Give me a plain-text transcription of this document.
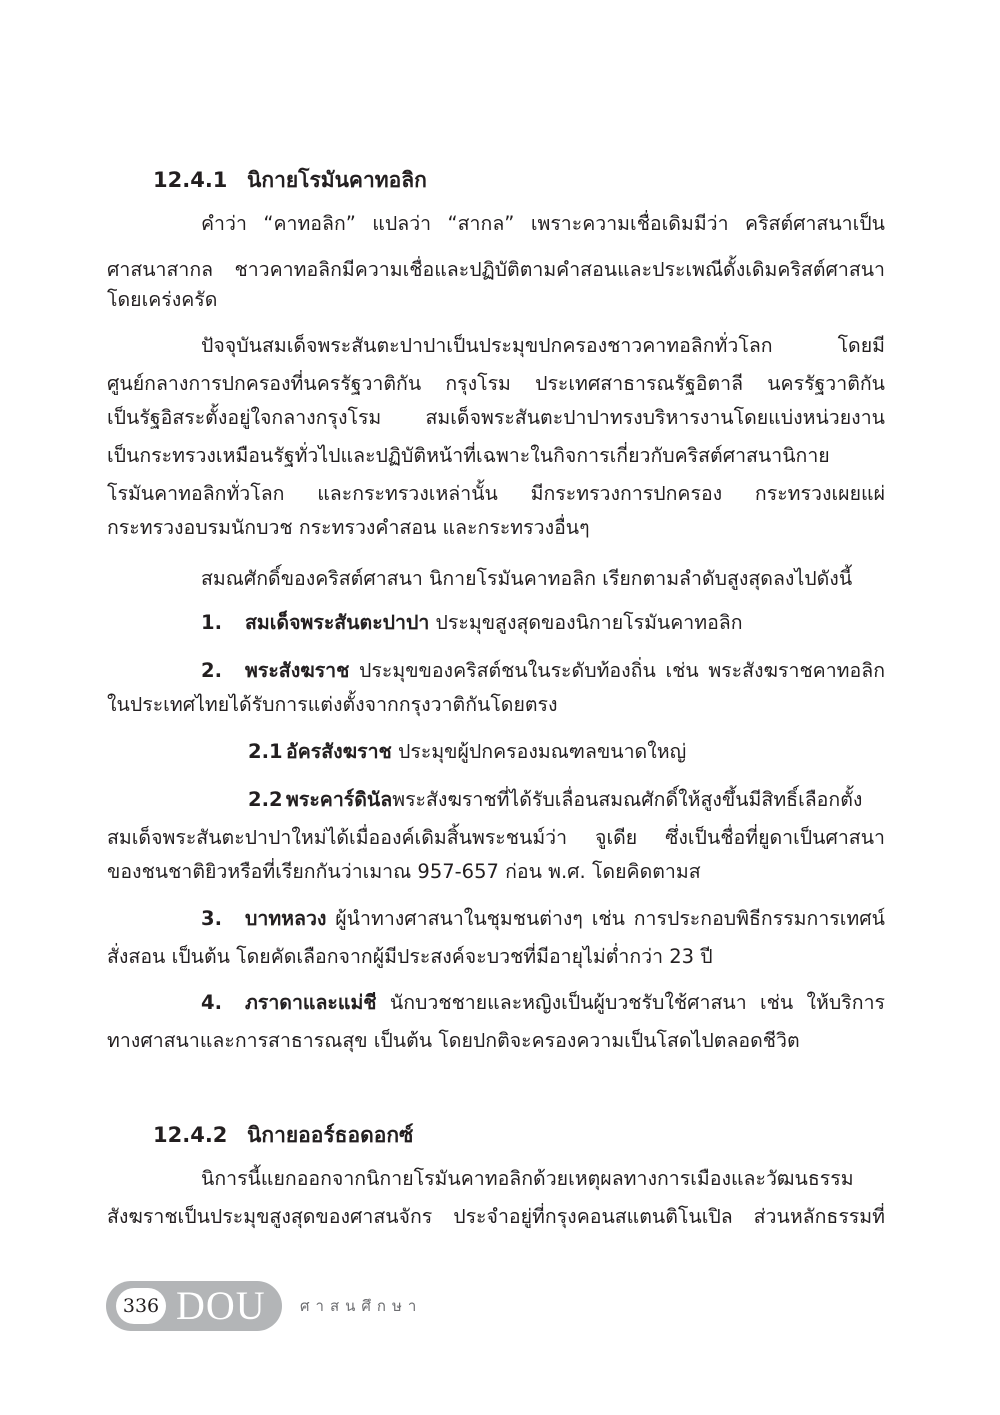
12.4.1 นิกายโรมันคาทอลิก
คำว่า “คาทอลิก” แปลว่า “สากล” เพราะความเชื่อเดิมมีว่า คริสต์ศาสนาเป็น
ศาสนาสากล ชาวคาทอลิกมีความเชื่อและปฏิบัติตามคำสอนและประเพณีดั้งเดิมคริสต์ศาสนา
โดยเคร่งครัด
ปัจจุบันสมเด็จพระสันตะปาปาเป็นประมุขปกครองชาวคาทอลิกทั่วโลก โดยมี
ศูนย์กลางการปกครองที่นครรัฐวาติกัน กรุงโรม ประเทศสาธารณรัฐอิตาลี นครรัฐวาติกัน
เป็นรัฐอิสระตั้งอยู่ใจกลางกรุงโรม สมเด็จพระสันตะปาปาทรงบริหารงานโดยแบ่งหน่วยงาน
เป็นกระทรวงเหมือนรัฐทั่วไปและปฏิบัติหน้าที่เฉพาะในกิจการเกี่ยวกับคริสต์ศาสนานิกาย
โรมันคาทอลิกทั่วโลก และกระทรวงเหล่านั้น มีกระทรวงการปกครอง กระทรวงเผยแผ่
กระทรวงอบรมนักบวช กระทรวงคำสอน และกระทรวงอื่นๆ
สมณศักดิ์ของคริสต์ศาสนา นิกายโรมันคาทอลิก เรียกตามลำดับสูงสุดลงไปดังนี้
1. สมเด็จพระสันตะปาปา ประมุขสูงสุดของนิกายโรมันคาทอลิก
2. พระสังฆราช ประมุขของคริสต์ชนในระดับท้องถิ่น เช่น พระสังฆราชคาทอลิก
ในประเทศไทยได้รับการแต่งตั้งจากกรุงวาติกันโดยตรง
2.1 อัครสังฆราช ประมุขผู้ปกครองมณฑลขนาดใหญ่
2.2 พระคาร์ดินัลพระสังฆราชที่ได้รับเลื่อนสมณศักดิ์ให้สูงขึ้นมีสิทธิ์เลือกตั้ง
สมเด็จพระสันตะปาปาใหม่ได้เมื่อองค์เดิมสิ้นพระชนม์ว่า จูเดีย ซึ่งเป็นชื่อที่ยูดาเป็นศาสนา
ของชนชาติยิวหรือที่เรียกกันว่าเมาณ 957-657 ก่อน พ.ศ. โดยคิดตามส
3. บาทหลวง ผู้นำทางศาสนาในชุมชนต่างๆ เช่น การประกอบพิธีกรรมการเทศน์
สั่งสอน เป็นต้น โดยคัดเลือกจากผู้มีประสงค์จะบวชที่มีอายุไม่ต่ำกว่า 23 ปี
4. ภราดาและแม่ชี นักบวชชายและหญิงเป็นผู้บวชรับใช้ศาสนา เช่น ให้บริการ
ทางศาสนาและการสาธารณสุข เป็นต้น โดยปกติจะครองความเป็นโสดไปตลอดชีวิต
12.4.2 นิกายออร์ธอดอกซ์
นิการนี้แยกออกจากนิกายโรมันคาทอลิกด้วยเหตุผลทางการเมืองและวัฒนธรรม
สังฆราชเป็นประมุขสูงสุดของศาสนจักร ประจำอยู่ที่กรุงคอนสแตนติโนเปิล ส่วนหลักธรรมที่
336 DOU ศาสนศึกษา
